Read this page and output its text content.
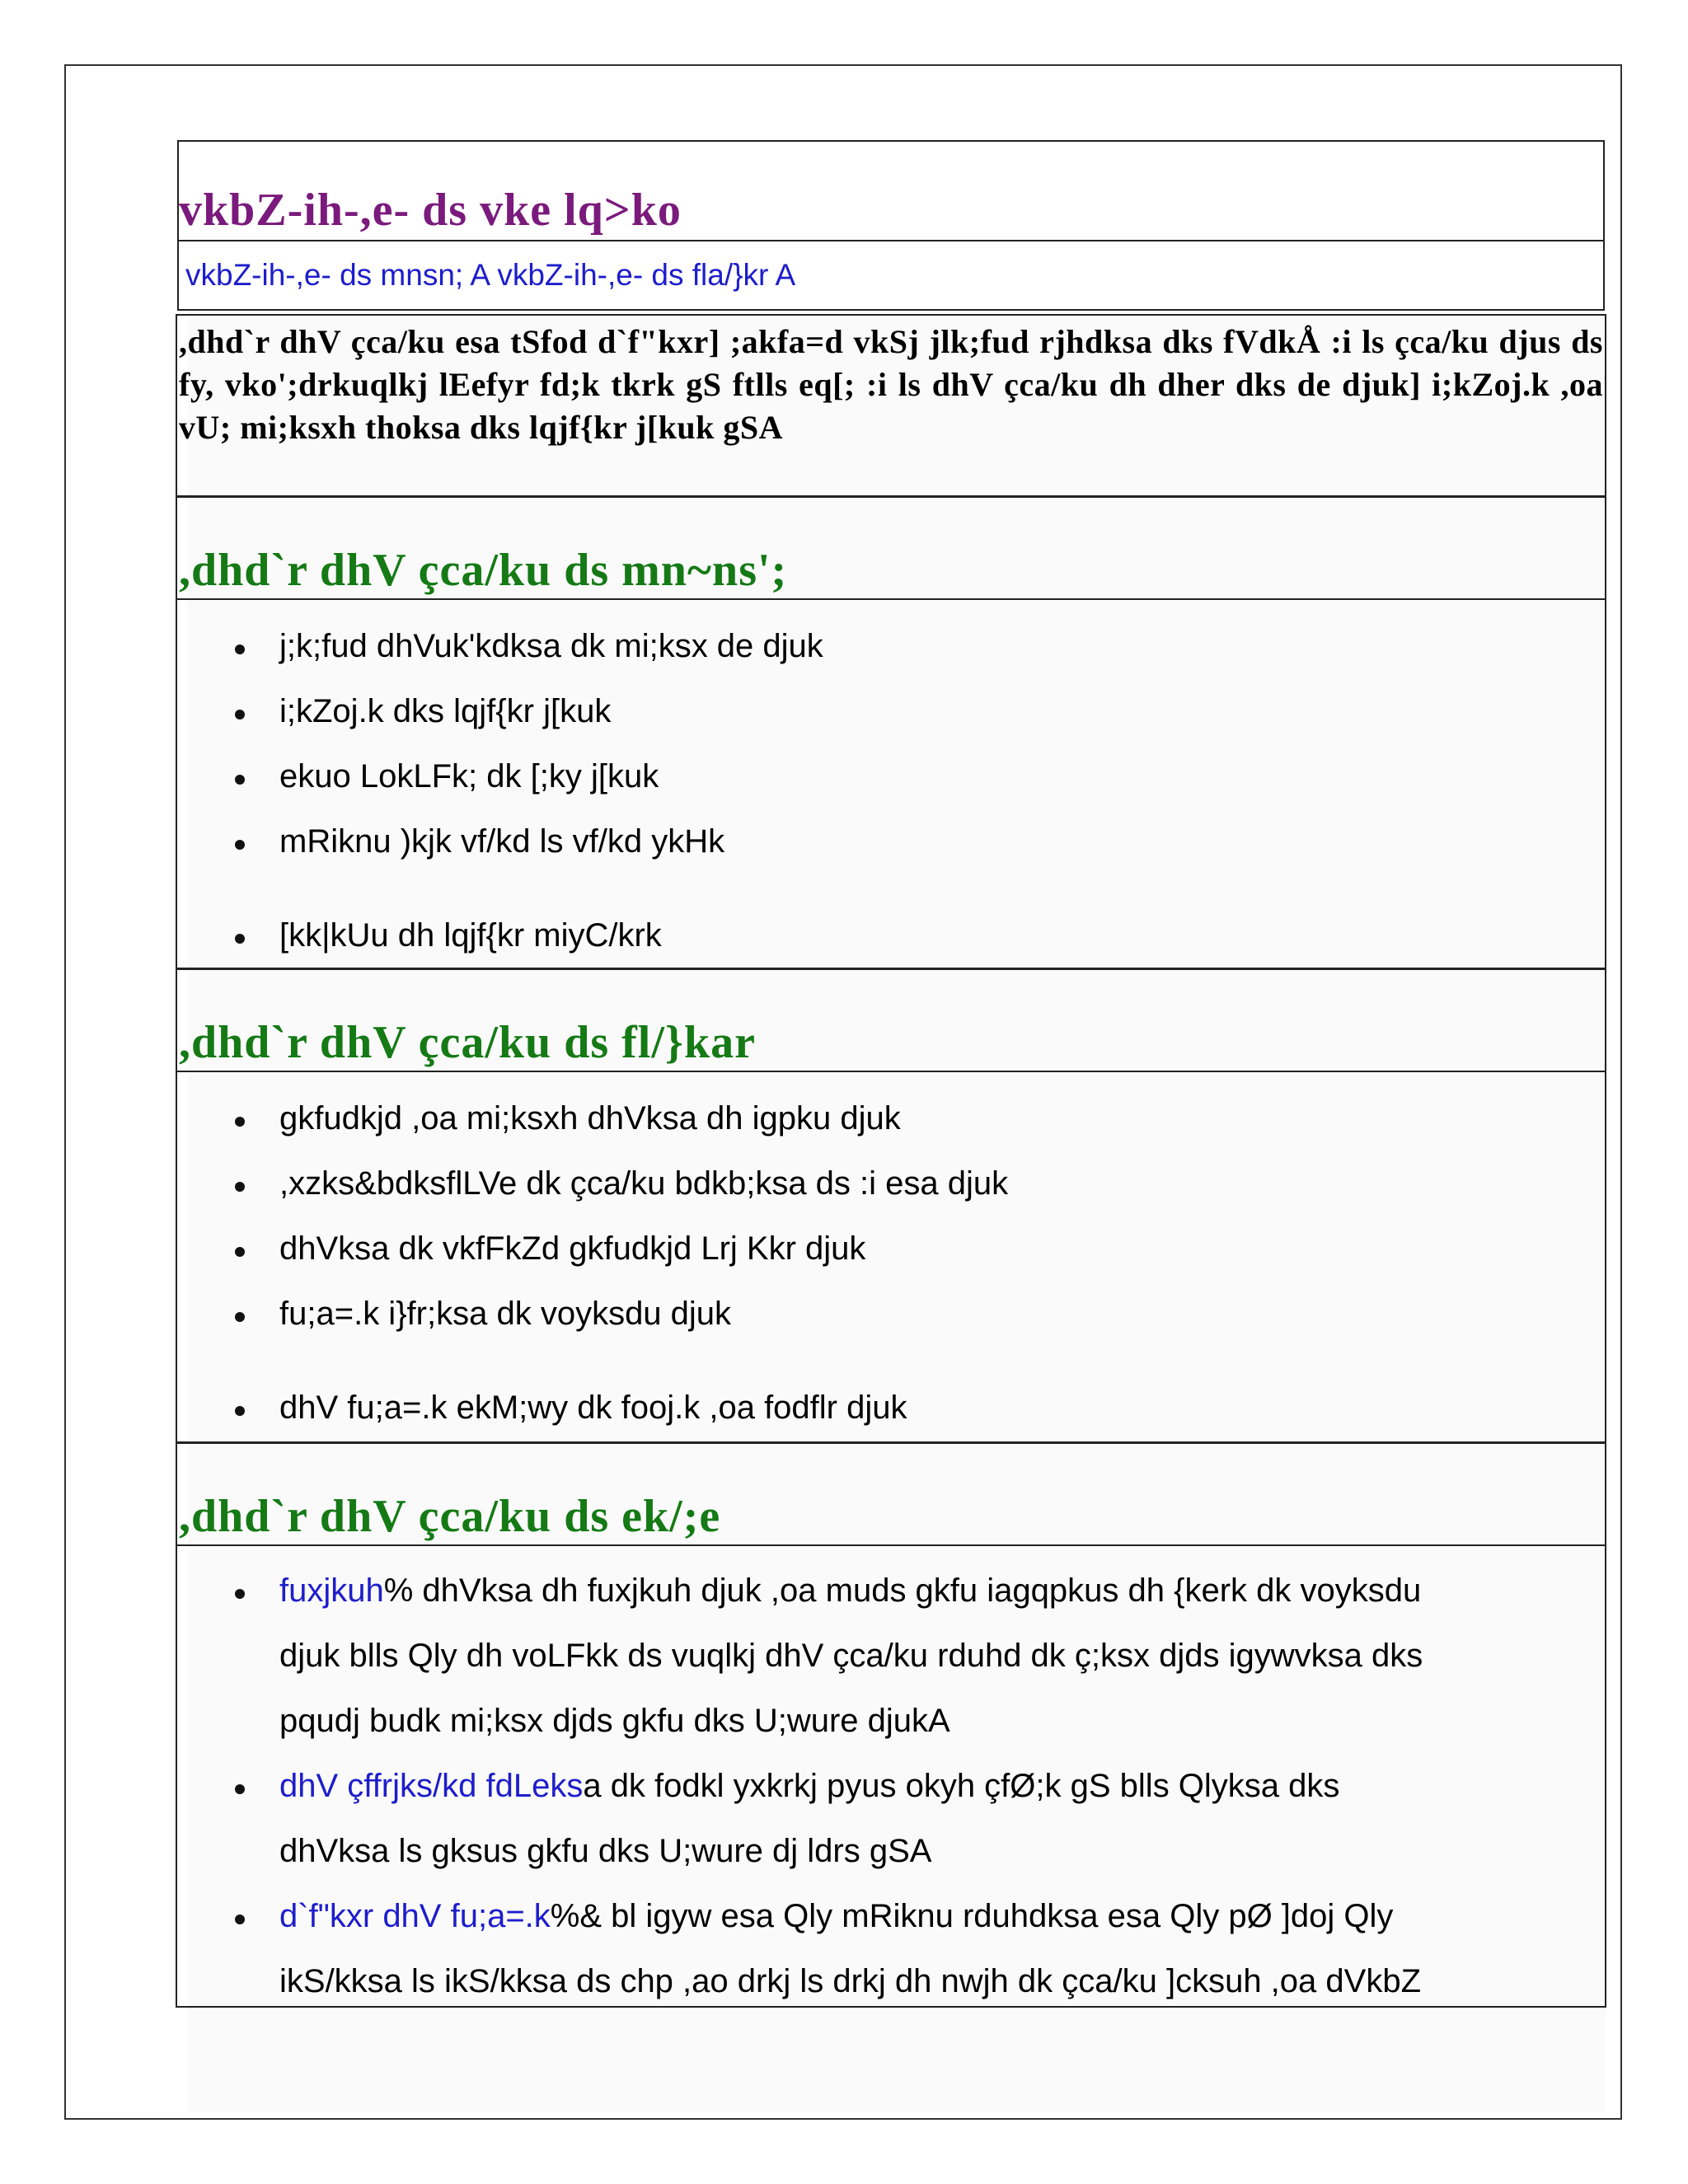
vkbZ-ih-,e- ds vke lq>ko
vkbZ-ih-,e- ds mnsn; A vkbZ-ih-,e- ds fla/}kr A
,dhd`r dhV çca/ku esa tSfod d`f"kxr] ;akfa=d vkSj jlk;fud rjhdksa dks fVdkÅ :i ls çca/ku djus ds fy, vko';drkuqlkj lEefyr fd;k tkrk gS ftlls eq[; :i ls dhV çca/ku dh dher dks de djuk] i;kZoj.k ,oa vU; mi;ksxh thoksa dks lqjf{kr j[kuk gSA
,dhd`r dhV çca/ku ds mn~ns';
j;k;fud dhVuk'kdksa dk mi;ksx de djuk
i;kZoj.k dks lqjf{kr j[kuk
ekuo LokLFk; dk [;ky j[kuk
mRiknu )kjk vf/kd ls vf/kd ykHk
[kk|kUu dh lqjf{kr miyC/krk
,dhd`r dhV çca/ku ds fl/}kar
gkfudkjd ,oa mi;ksxh dhVksa dh igpku djuk
,xzks&bdksflLVe dk çca/ku bdkb;ksa ds :i esa djuk
dhVksa dk vkfFkZd gkfudkjd Lrj Kkr djuk
fu;a=.k i}fr;ksa dk voyksdu djuk
dhV fu;a=.k ekM;wy dk fooj.k ,oa fodflr djuk
,dhd`r dhV çca/ku ds ek/;e
fuxjkuh% dhVksa dh fuxjkuh djuk ,oa muds gkfu iagqpkus dh {kerk dk voyksdu
djuk blls Qly dh voLFkk ds vuqlkj dhV çca/ku rduhd dk ç;ksx djds igywvksa dks
pqudj budk mi;ksx djds gkfu dks U;wure djukA
dhV çffrjks/kd fdLeksa dk fodkl yxkrkj pyus okyh çfØ;k gS blls Qlyksa dks
dhVksa ls gksus gkfu dks U;wure dj ldrs gSA
d`f"kxr dhV fu;a=.k%& bl igyw esa Qly mRiknu rduhdksa esa Qly pØ ]doj Qly
ikS/kksa ls ikS/kksa ds chp ,ao drkj ls drkj dh nwjh dk çca/ku ]cksuh ,oa dVkbZ
